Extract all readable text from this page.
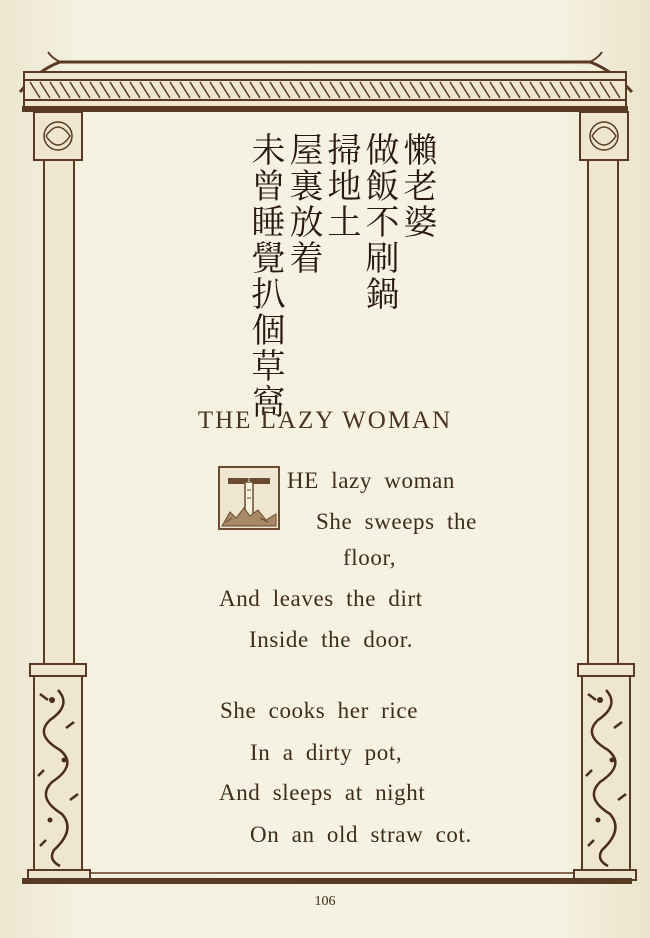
懶老婆
做飯不刷鍋
掃地土
屋裏放着
未曾睡覺扒個草窩
THE LAZY WOMAN
T HE lazy woman
She sweeps the
floor,
And leaves the dirt
Inside the door.
She cooks her rice
In a dirty pot,
And sleeps at night
On an old straw cot.
106
